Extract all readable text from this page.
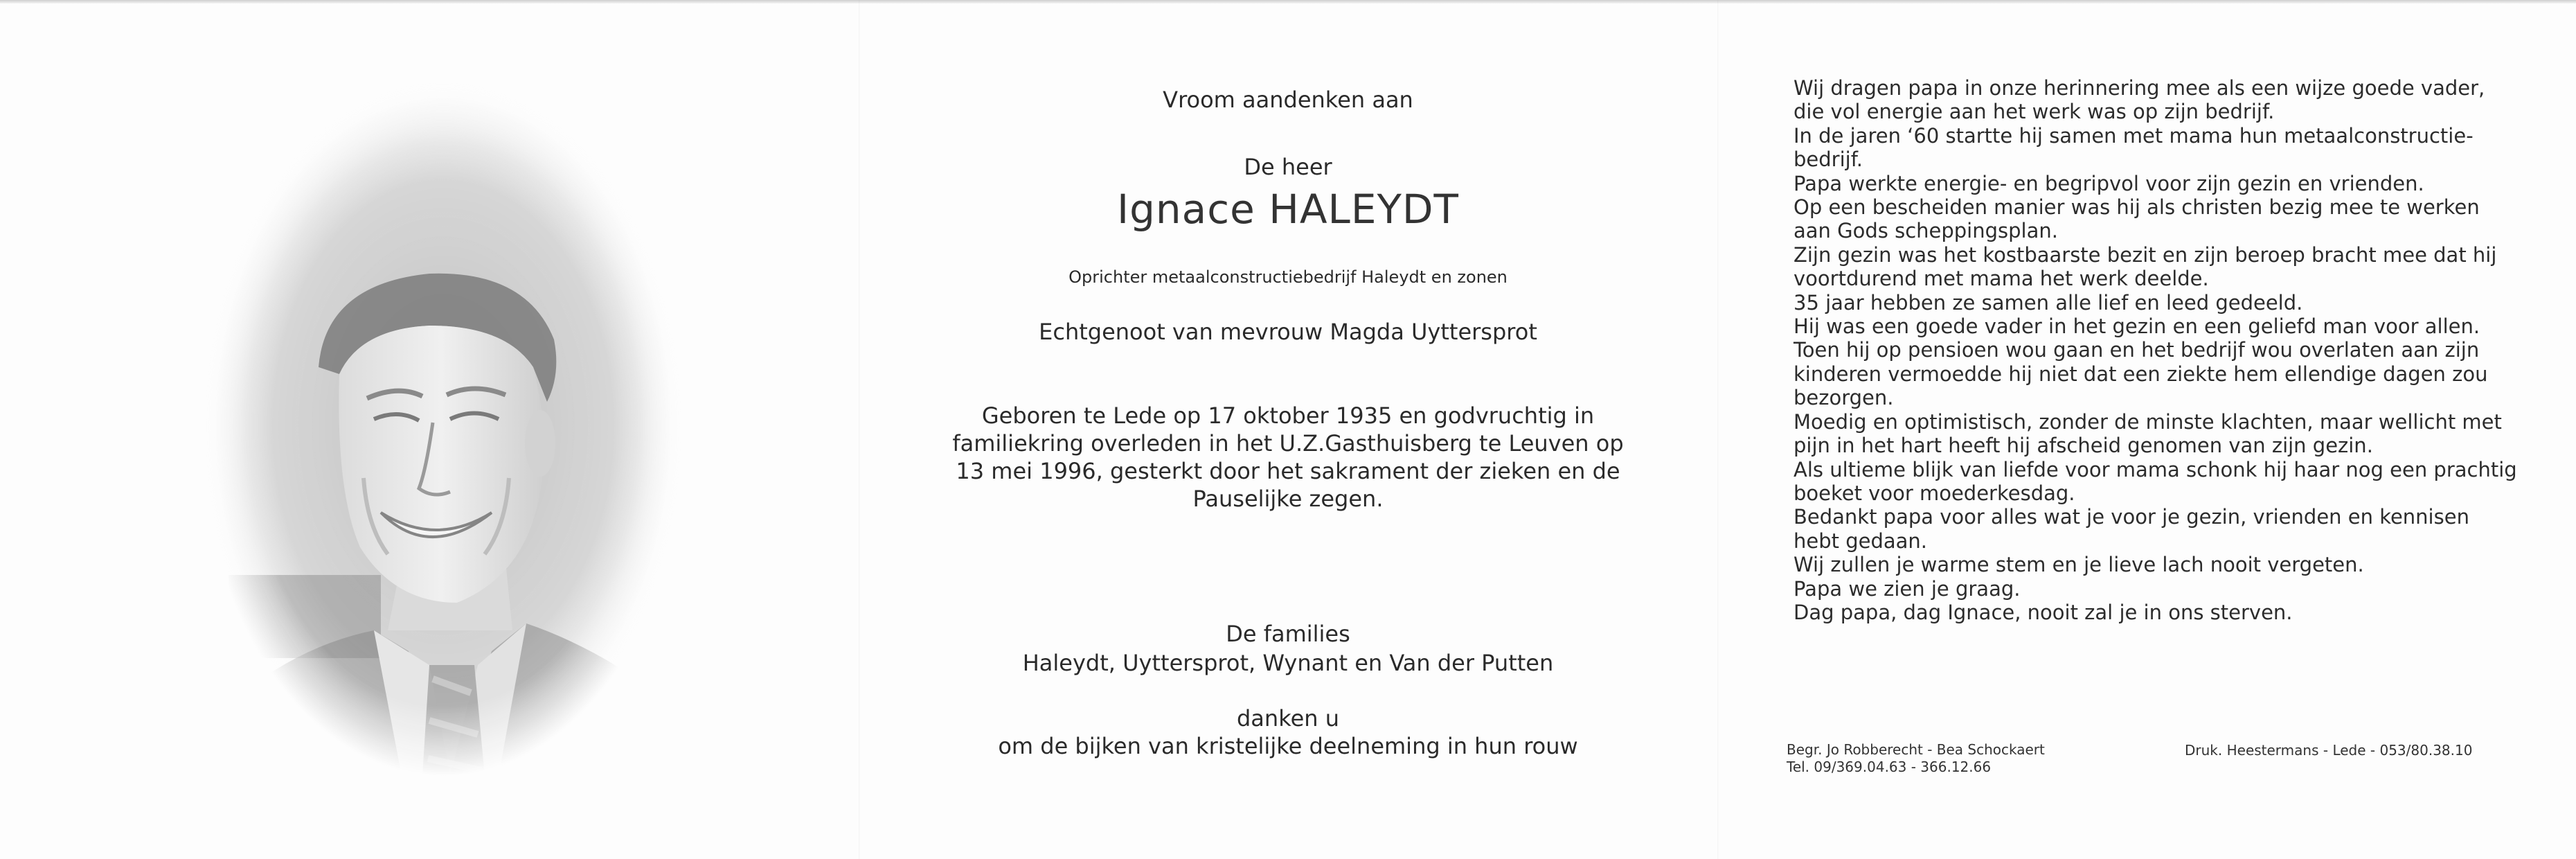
Vroom aandenken aan
De heer
Ignace HALEYDT
Oprichter metaalconstructiebedrijf Haleydt en zonen
Echtgenoot van mevrouw Magda Uyttersprot
Geboren te Lede op 17 oktober 1935 en godvruchtig in
familiekring overleden in het U.Z.Gasthuisberg te Leuven op
13 mei 1996, gesterkt door het sakrament der zieken en de
Pauselijke zegen.
De families
Haleydt, Uyttersprot, Wynant en Van der Putten
danken u
om de bijken van kristelijke deelneming in hun rouw
Wij dragen papa in onze herinnering mee als een wijze goede vader,
die vol energie aan het werk was op zijn bedrijf.
In de jaren ‘60 startte hij samen met mama hun metaalconstructie-
bedrijf.
Papa werkte energie- en begripvol voor zijn gezin en vrienden.
Op een bescheiden manier was hij als christen bezig mee te werken
aan Gods scheppingsplan.
Zijn gezin was het kostbaarste bezit en zijn beroep bracht mee dat hij
voortdurend met mama het werk deelde.
35 jaar hebben ze samen alle lief en leed gedeeld.
Hij was een goede vader in het gezin en een geliefd man voor allen.
Toen hij op pensioen wou gaan en het bedrijf wou overlaten aan zijn
kinderen vermoedde hij niet dat een ziekte hem ellendige dagen zou
bezorgen.
Moedig en optimistisch, zonder de minste klachten, maar wellicht met
pijn in het hart heeft hij afscheid genomen van zijn gezin.
Als ultieme blijk van liefde voor mama schonk hij haar nog een prachtig
boeket voor moederkesdag.
Bedankt papa voor alles wat je voor je gezin, vrienden en kennisen
hebt gedaan.
Wij zullen je warme stem en je lieve lach nooit vergeten.
Papa we zien je graag.
Dag papa, dag Ignace, nooit zal je in ons sterven.
Begr. Jo Robberecht - Bea Schockaert
Tel. 09/369.04.63 - 366.12.66
Druk. Heestermans - Lede - 053/80.38.10
